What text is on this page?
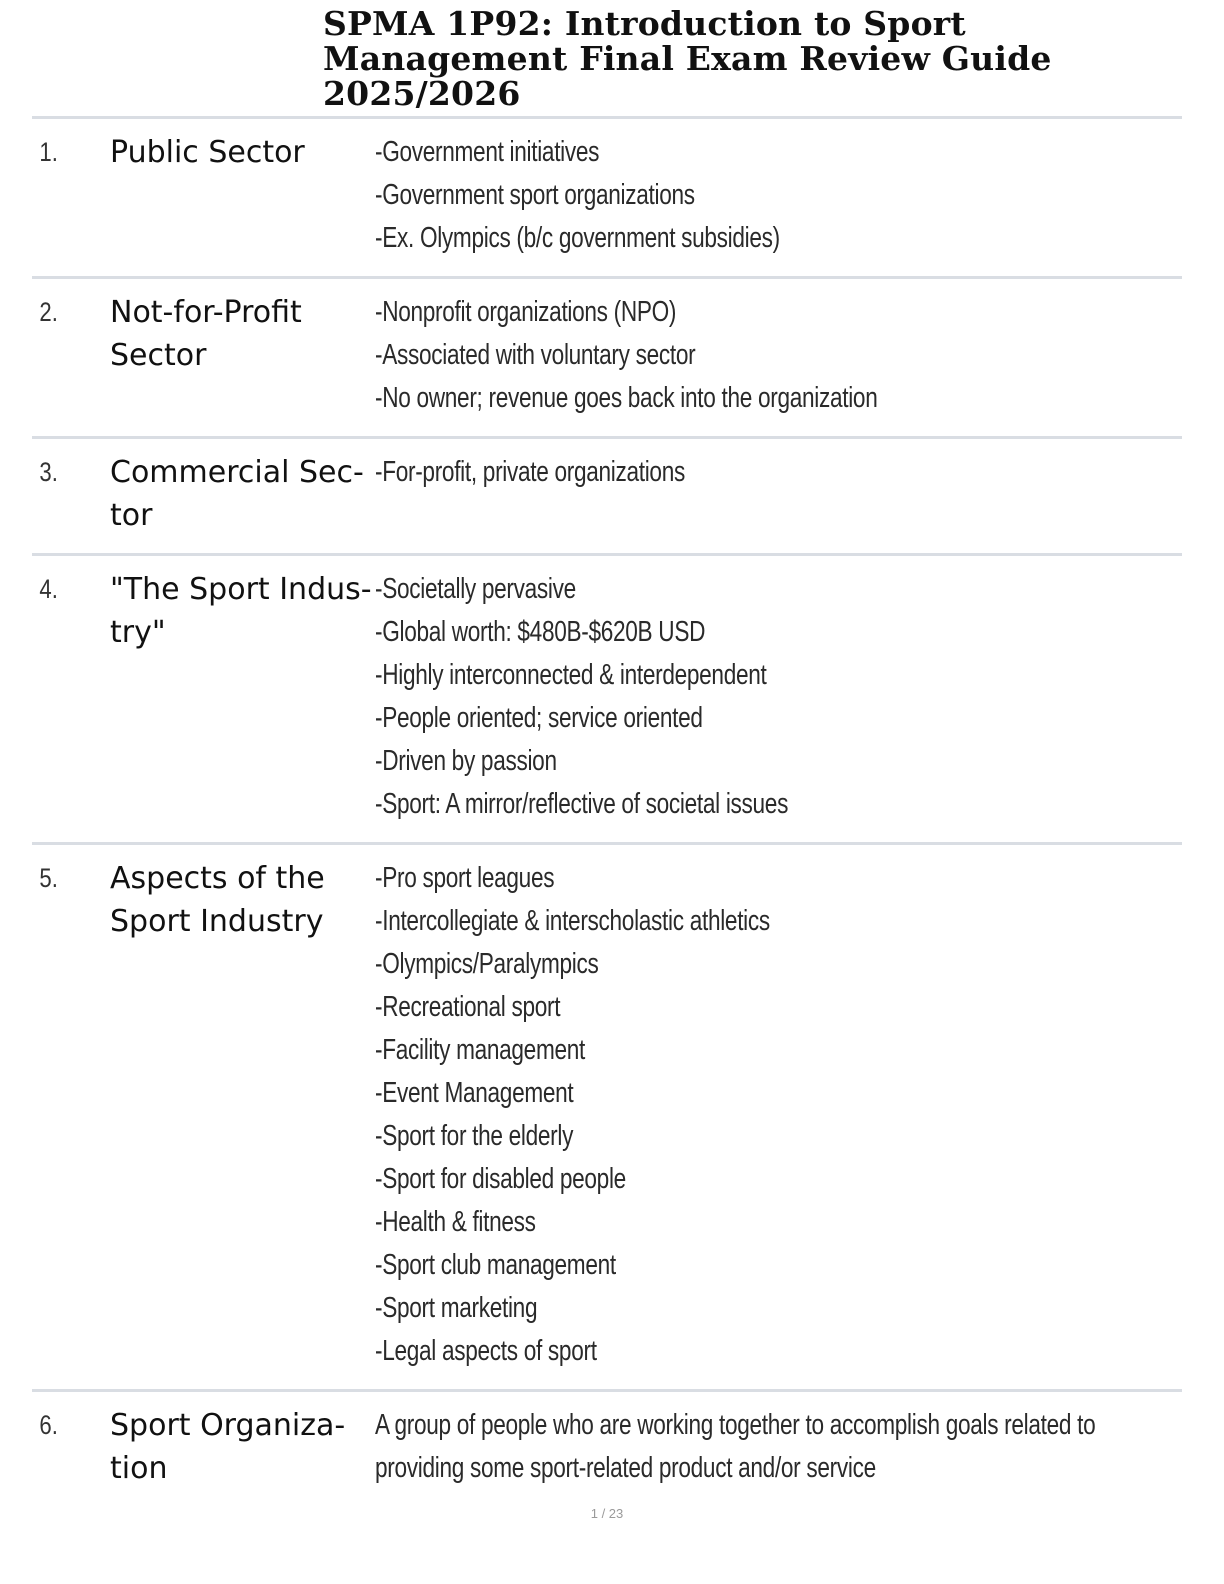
SPMA 1P92: Introduction to Sport
Management Final Exam Review Guide
2025/2026
1.	Public Sector	-Government initiatives
-Government sport organizations
-Ex. Olympics (b/c government subsidies)
2.	Not-for-Profit
Sector
-Nonprofit organizations (NPO)
-Associated with voluntary sector
-No owner; revenue goes back into the organization
3.	Commercial Sec-
tor
-For-profit, private organizations
4.	"The Sport Indus-
try"
-Societally pervasive
-Global worth: $480B-$620B USD
-Highly interconnected & interdependent
-People oriented; service oriented
-Driven by passion
-Sport: A mirror/reflective of societal issues
5.	Aspects of the
Sport Industry
-Pro sport leagues
-Intercollegiate & interscholastic athletics
-Olympics/Paralympics
-Recreational sport
-Facility management
-Event Management
-Sport for the elderly
-Sport for disabled people
-Health & fitness
-Sport club management
-Sport marketing
-Legal aspects of sport
6.	Sport Organiza-
tion
A group of people who are working together to accomplish goals related to
providing some sport-related product and/or service
1 / 23
